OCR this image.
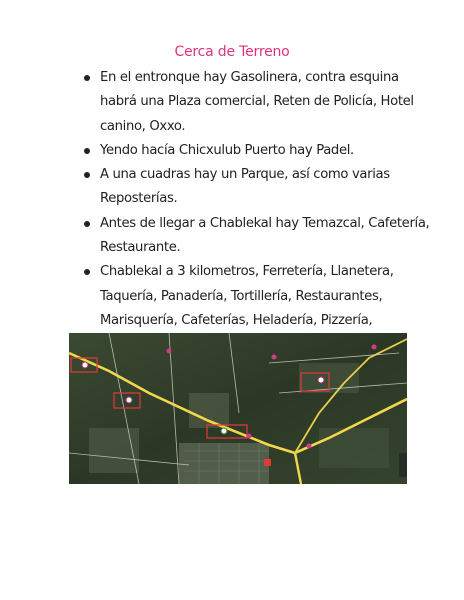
Cerca de Terreno
En el entronque hay Gasolinera, contra esquina habrá una Plaza comercial, Reten de Policía, Hotel canino, Oxxo.
Yendo hacía Chicxulub Puerto hay Padel.
A una cuadras hay un Parque, así como varias Reposterías.
Antes de llegar a Chablekal hay Temazcal, Cafetería, Restaurante.
Chablekal a 3 kilometros, Ferretería, Llanetera, Taquería, Panadería, Tortillería, Restaurantes, Marisquería, Cafeterías, Heladería, Pizzería,
